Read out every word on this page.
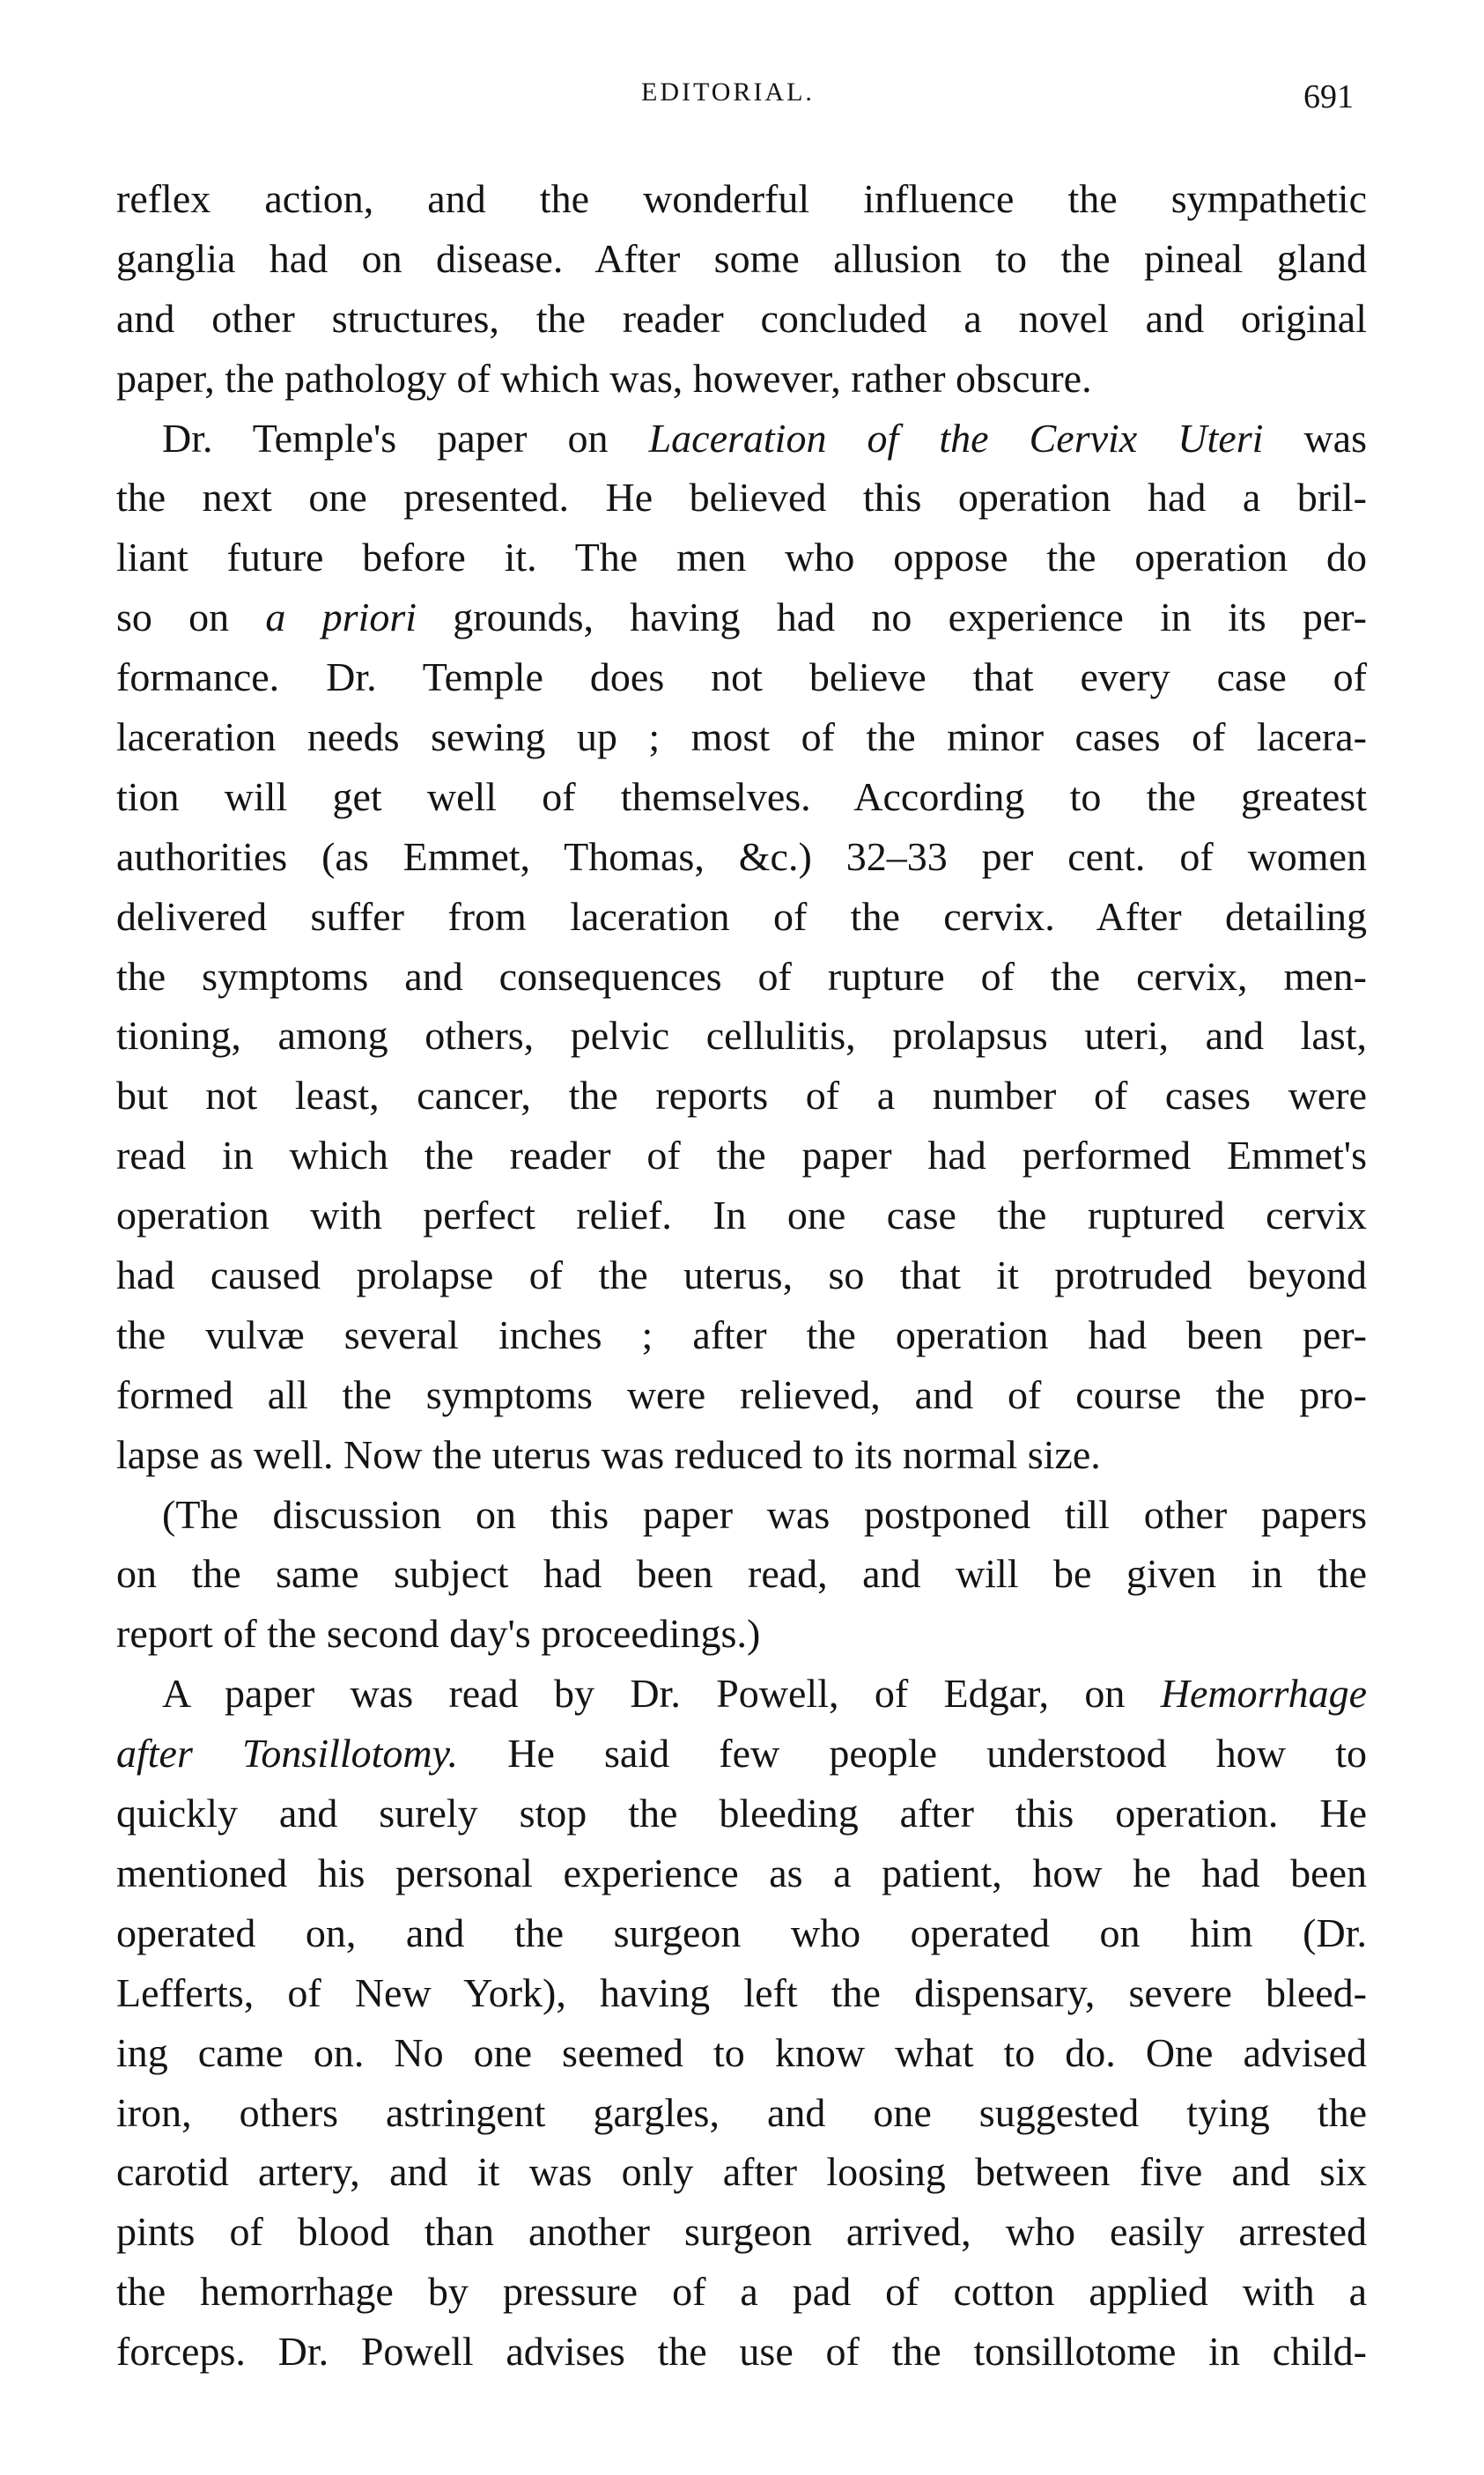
EDITORIAL.	691
reflex action, and the wonderful influence the sympathetic
ganglia had on disease. After some allusion to the pineal gland
and other structures, the reader concluded a novel and original
paper, the pathology of which was, however, rather obscure.
Dr. Temple's paper on Laceration of the Cervix Uteri was
the next one presented. He believed this operation had a bril-
liant future before it. The men who oppose the operation do
so on a priori grounds, having had no experience in its per-
formance. Dr. Temple does not believe that every case of
laceration needs sewing up ; most of the minor cases of lacera-
tion will get well of themselves. According to the greatest
authorities (as Emmet, Thomas, &c.) 32–33 per cent. of women
delivered suffer from laceration of the cervix. After detailing
the symptoms and consequences of rupture of the cervix, men-
tioning, among others, pelvic cellulitis, prolapsus uteri, and last,
but not least, cancer, the reports of a number of cases were
read in which the reader of the paper had performed Emmet's
operation with perfect relief. In one case the ruptured cervix
had caused prolapse of the uterus, so that it protruded beyond
the vulvæ several inches ; after the operation had been per-
formed all the symptoms were relieved, and of course the pro-
lapse as well. Now the uterus was reduced to its normal size.
(The discussion on this paper was postponed till other papers
on the same subject had been read, and will be given in the
report of the second day's proceedings.)
A paper was read by Dr. Powell, of Edgar, on Hemorrhage
after Tonsillotomy. He said few people understood how to
quickly and surely stop the bleeding after this operation. He
mentioned his personal experience as a patient, how he had been
operated on, and the surgeon who operated on him (Dr.
Lefferts, of New York), having left the dispensary, severe bleed-
ing came on. No one seemed to know what to do. One advised
iron, others astringent gargles, and one suggested tying the
carotid artery, and it was only after loosing between five and six
pints of blood than another surgeon arrived, who easily arrested
the hemorrhage by pressure of a pad of cotton applied with a
forceps. Dr. Powell advises the use of the tonsillotome in child-
